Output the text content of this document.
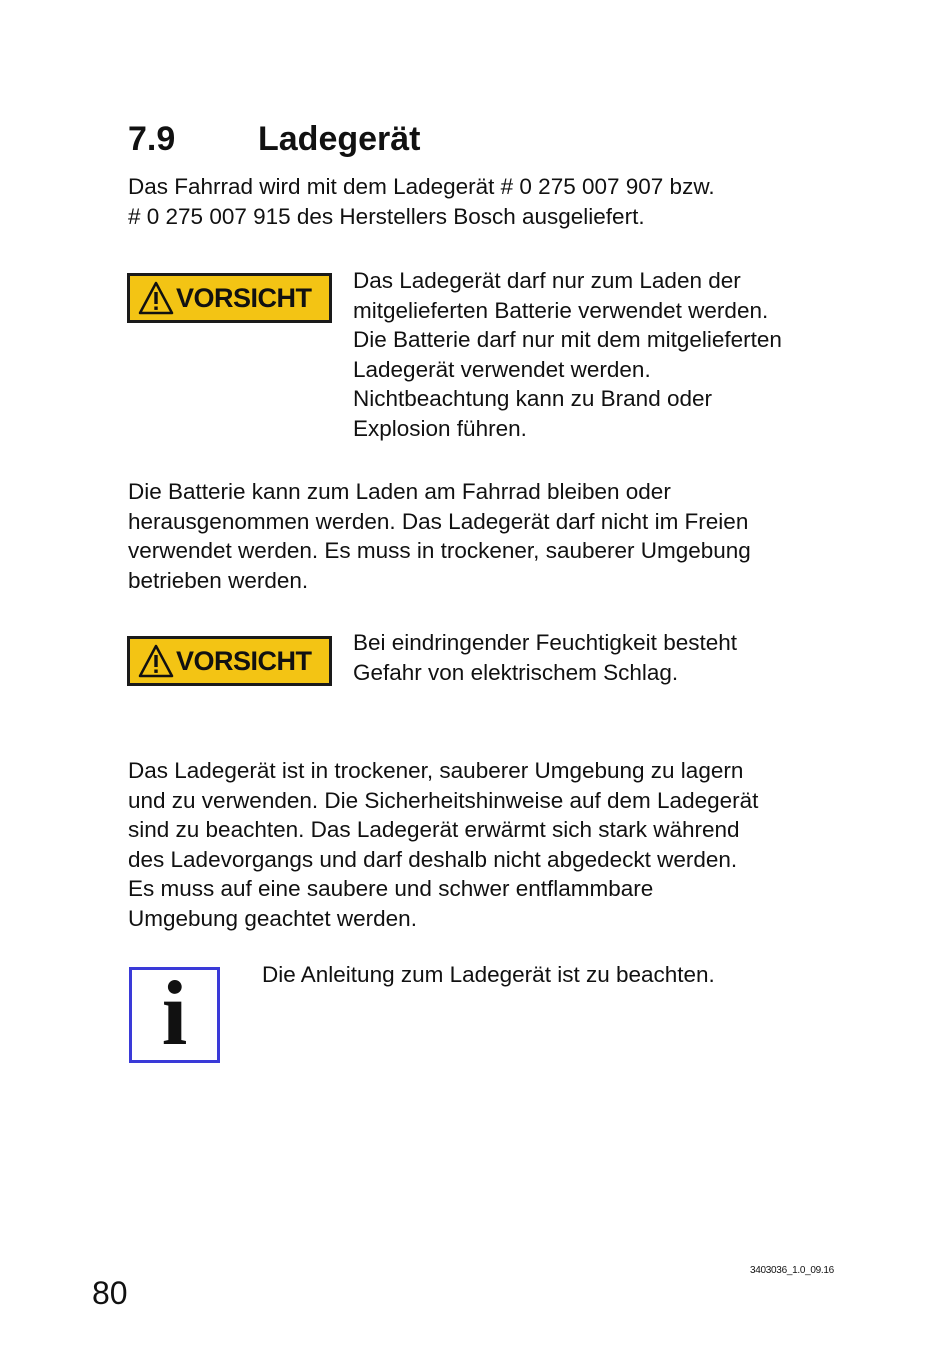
7.9 Ladegerät
Das Fahrrad wird mit dem Ladegerät # 0 275 007 907 bzw.
# 0 275 007 915 des Herstellers Bosch ausgeliefert.
VORSICHT
Das Ladegerät darf nur zum Laden der
mitgelieferten Batterie verwendet werden.
Die Batterie darf nur mit dem mitgelieferten
Ladegerät verwendet werden.
Nichtbeachtung kann zu Brand oder
Explosion führen.
Die Batterie kann zum Laden am Fahrrad bleiben oder
herausgenommen werden. Das Ladegerät darf nicht im Freien
verwendet werden. Es muss in trockener, sauberer Umgebung
betrieben werden.
VORSICHT
Bei eindringender Feuchtigkeit besteht
Gefahr von elektrischem Schlag.
Das Ladegerät ist in trockener, sauberer Umgebung zu lagern
und zu verwenden. Die Sicherheitshinweise auf dem Ladegerät
sind zu beachten. Das Ladegerät erwärmt sich stark während
des Ladevorgangs und darf deshalb nicht abgedeckt werden.
Es muss auf eine saubere und schwer entflammbare
Umgebung geachtet werden.
i	Die Anleitung zum Ladegerät ist zu beachten.
80
3403036_1.0_09.16
